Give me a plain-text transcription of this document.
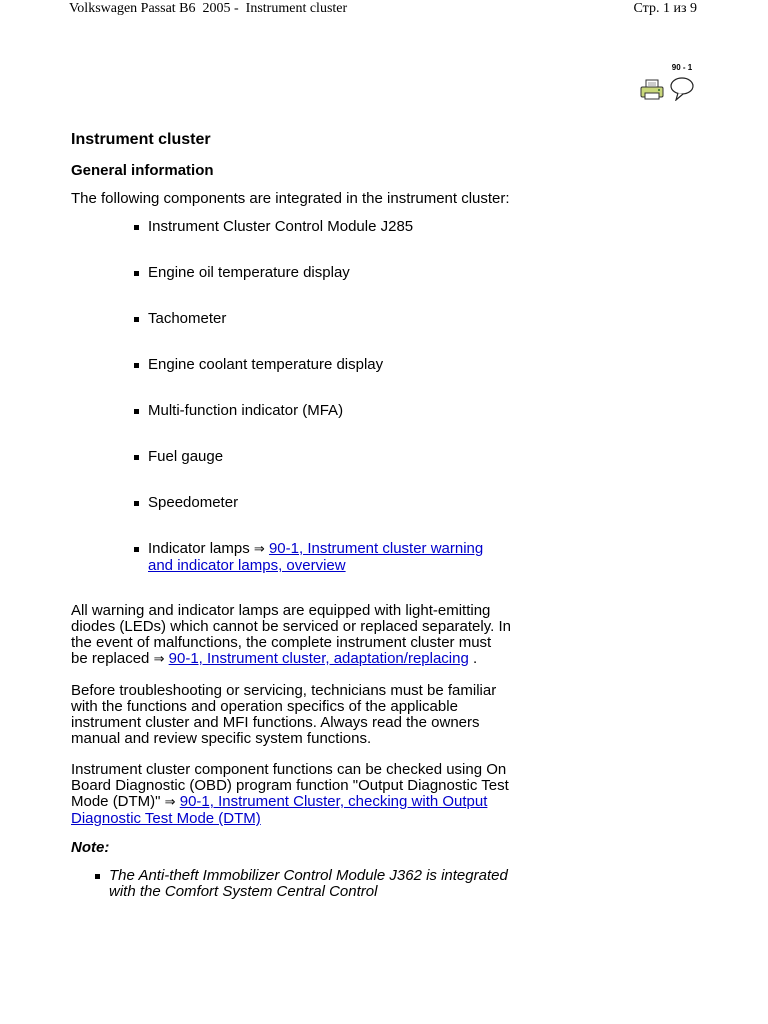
Volkswagen Passat B6  2005 -  Instrument cluster	Стр. 1 из 9
90 - 1
Instrument cluster
General information

The following components are integrated in the instrument cluster:

Instrument Cluster Control Module J285
Engine oil temperature display
Tachometer
Engine coolant temperature display
Multi-function indicator (MFA)
Fuel gauge
Speedometer
Indicator lamps ⇒ 90-1, Instrument cluster warning and indicator lamps, overview

All warning and indicator lamps are equipped with light-emitting diodes (LEDs) which cannot be serviced or replaced separately. In the event of malfunctions, the complete instrument cluster must be replaced ⇒ 90-1, Instrument cluster, adaptation/replacing .

Before troubleshooting or servicing, technicians must be familiar with the functions and operation specifics of the applicable instrument cluster and MFI functions. Always read the owners manual and review specific system functions.

Instrument cluster component functions can be checked using On Board Diagnostic (OBD) program function "Output Diagnostic Test Mode (DTM)" ⇒ 90-1, Instrument Cluster, checking with Output Diagnostic Test Mode (DTM)

Note:

The Anti-theft Immobilizer Control Module J362 is integrated with the Comfort System Central Control
